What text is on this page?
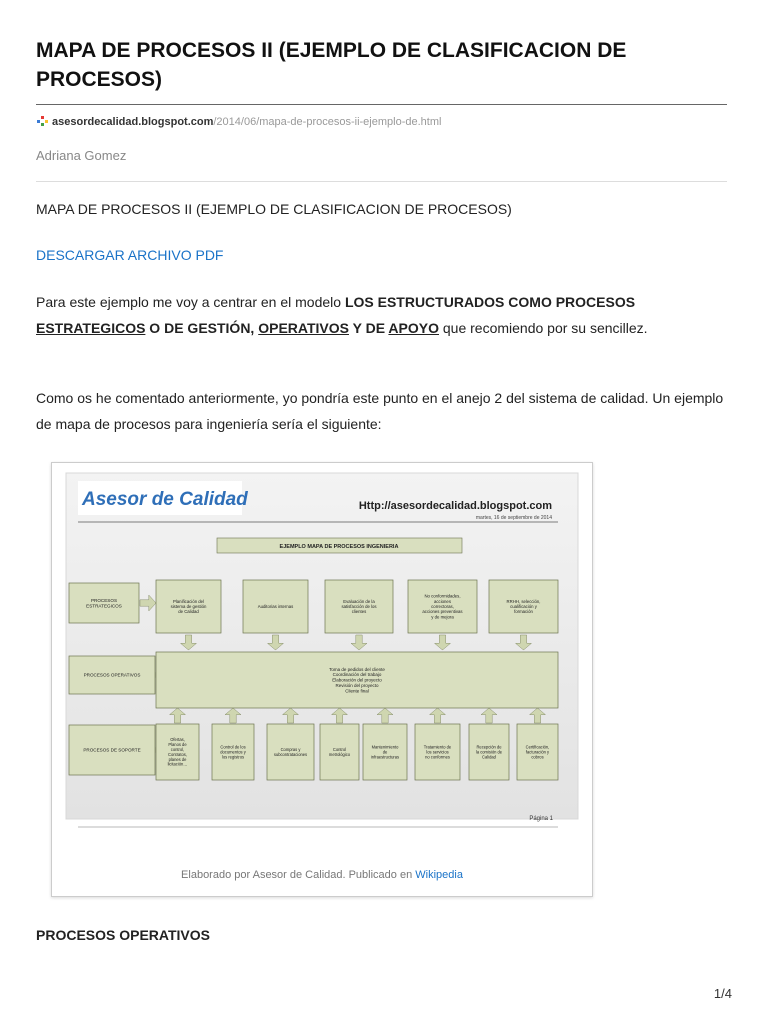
MAPA DE PROCESOS II (EJEMPLO DE CLASIFICACION DE PROCESOS)
asesordecalidad.blogspot.com/2014/06/mapa-de-procesos-ii-ejemplo-de.html
Adriana Gomez

MAPA DE PROCESOS II (EJEMPLO DE CLASIFICACION DE PROCESOS)

DESCARGAR ARCHIVO PDF

Para este ejemplo me voy a centrar en el modelo LOS ESTRUCTURADOS COMO PROCESOS
ESTRATEGICOS O DE GESTIÓN, OPERATIVOS Y DE APOYO que recomiendo por su sencillez.

Como os he comentado anteriormente, yo pondría este punto en el anejo 2 del sistema de calidad. Un ejemplo de mapa de procesos para ingeniería sería el siguiente:

Asesor de Calidad	Http://asesordecalidad.blogspot.com
martes, 16 de septiembre de 2014
EJEMPLO MAPA DE PROCESOS INGENIERIA
PROCESOS
ESTRATEGICOS
PROCESOS OPERATIVOS
PROCESOS DE SOPORTE
Planificación del
sistema de gestión
de Calidad
Auditorias internas
Evaluación de la
satisfacción de los
clientes
No conformidades,
acciones
correctoras,
acciones preventivas
y de mejora
RRHH, selección,
cualificación y
formación
Toma de pedidos del cliente
Coordinación del trabajo
Elaboración del proyecto
Revisión del proyecto
Cliente final
Ofertas,
Planos de
control,
Contratos,
planes de
licitación…
Control de los
documentos y
los registros
Compras y
subcontrataciones
Control
metrológico
Mantenimiento
de
infraestructuras
Tratamiento de
los servicios
no conformes
Recepción de
la comisión de
Calidad
Certificación,
facturación y
cobros
Página 1
Elaborado por Asesor de Calidad. Publicado en Wikipedia

PROCESOS OPERATIVOS

1/4
